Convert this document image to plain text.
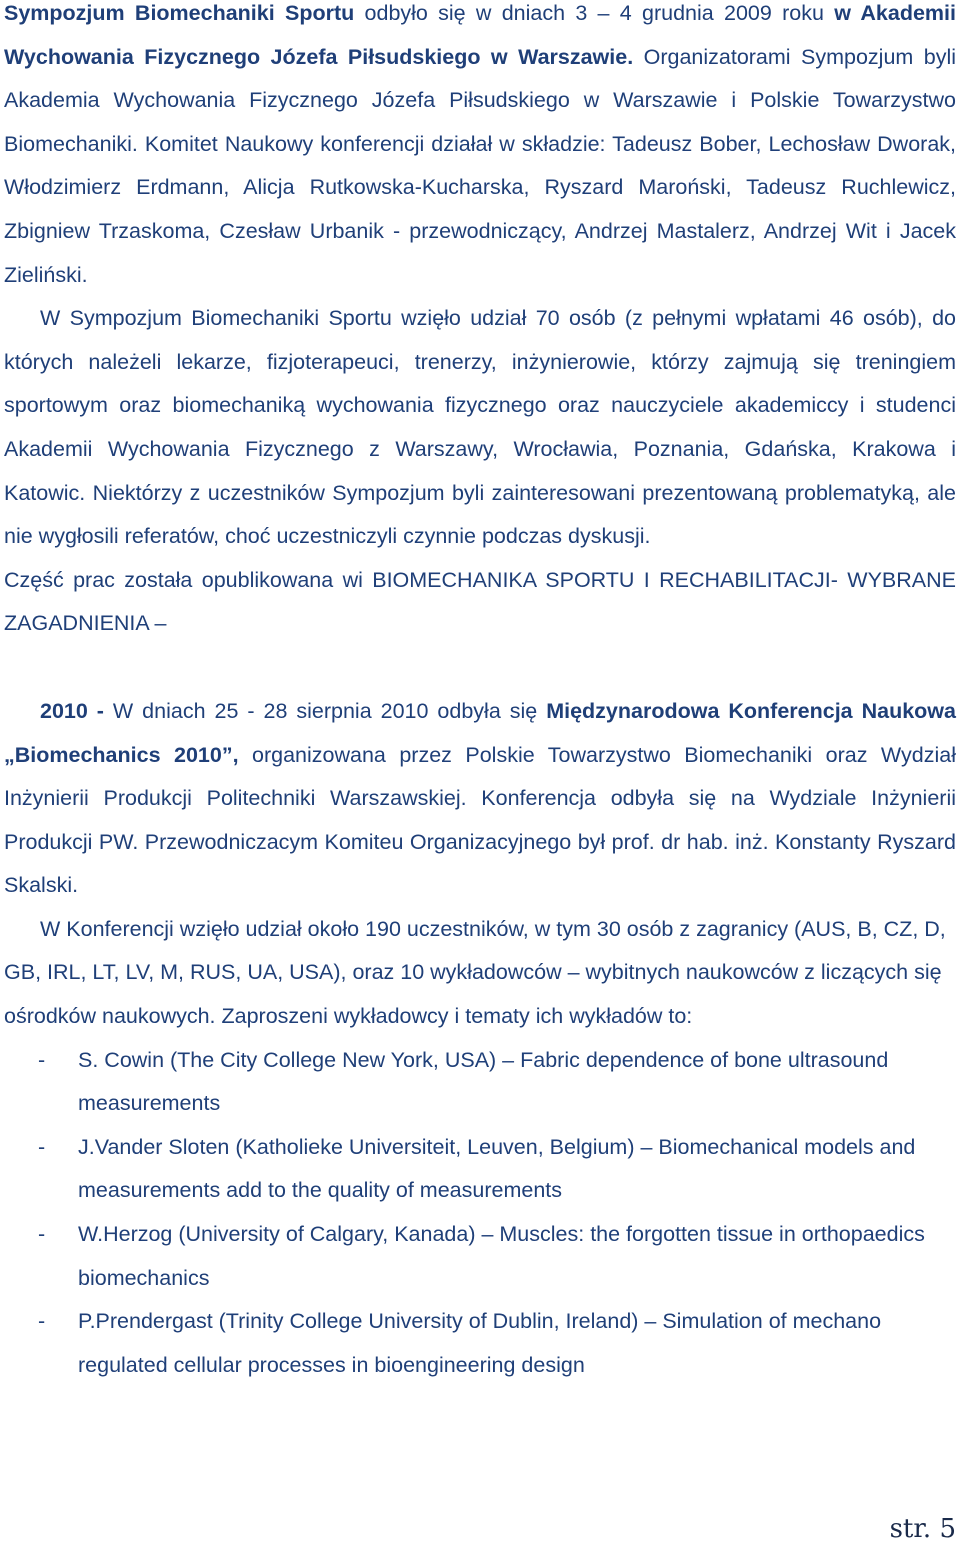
Sympozjum Biomechaniki Sportu odbyło się w dniach 3 – 4 grudnia 2009 roku w Akademii Wychowania Fizycznego Józefa Piłsudskiego w Warszawie. Organizatorami Sympozjum byli Akademia Wychowania Fizycznego Józefa Piłsudskiego w Warszawie i Polskie Towarzystwo Biomechaniki. Komitet Naukowy konferencji działał w składzie: Tadeusz Bober, Lechosław Dworak, Włodzimierz Erdmann, Alicja Rutkowska-Kucharska, Ryszard Maroński, Tadeusz Ruchlewicz, Zbigniew Trzaskoma, Czesław Urbanik - przewodniczący, Andrzej Mastalerz, Andrzej Wit i Jacek Zieliński.

W Sympozjum Biomechaniki Sportu wzięło udział 70 osób (z pełnymi wpłatami 46 osób), do których należeli lekarze, fizjoterapeuci, trenerzy, inżynierowie, którzy zajmują się treningiem sportowym oraz biomechaniką wychowania fizycznego oraz nauczyciele akademiccy i studenci Akademii Wychowania Fizycznego z Warszawy, Wrocławia, Poznania, Gdańska, Krakowa i Katowic. Niektórzy z uczestników Sympozjum byli zainteresowani prezentowaną problematyką, ale nie wygłosili referatów, choć uczestniczyli czynnie podczas dyskusji.

Część prac została opublikowana wi BIOMECHANIKA SPORTU I RECHABILITACJI- WYBRANE ZAGADNIENIA –

2010 - W dniach 25 - 28 sierpnia 2010 odbyła się Międzynarodowa Konferencja Naukowa „Biomechanics 2010”, organizowana przez Polskie Towarzystwo Biomechaniki oraz Wydział Inżynierii Produkcji Politechniki Warszawskiej. Konferencja odbyła się na Wydziale Inżynierii Produkcji PW. Przewodniczacym Komiteu Organizacyjnego był prof. dr hab. inż. Konstanty Ryszard Skalski.

W Konferencji wzięło udział około 190 uczestników, w tym 30 osób z zagranicy (AUS, B, CZ, D, GB, IRL, LT, LV, M, RUS, UA, USA), oraz 10 wykładowców – wybitnych naukowców z liczących się ośrodków naukowych. Zaproszeni wykładowcy i tematy ich wykładów to:

- S. Cowin (The City College New York, USA) – Fabric dependence of bone ultrasound measurements
- J.Vander Sloten (Katholieke Universiteit, Leuven, Belgium) – Biomechanical models and measurements add to the quality of measurements
- W.Herzog (University of Calgary, Kanada) – Muscles: the forgotten tissue in orthopaedics biomechanics
- P.Prendergast (Trinity College University of Dublin, Ireland) – Simulation of mechano regulated cellular processes in bioengineering design
str. 5
